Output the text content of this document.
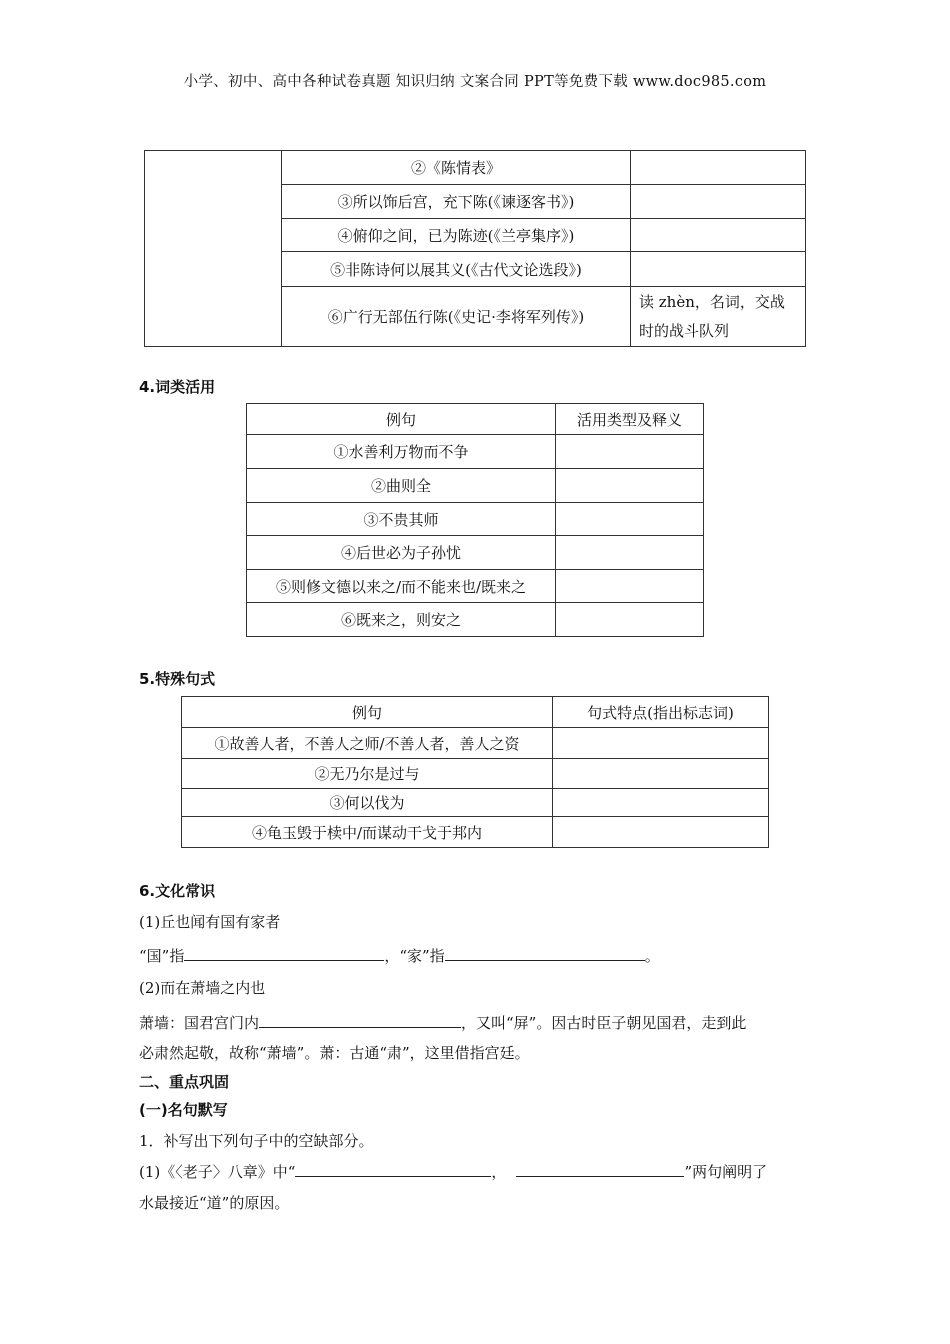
小学、初中、高中各种试卷真题 知识归纳 文案合同 PPT等免费下载 www.doc985.com
	②《陈情表》	
	③所以饰后宫，充下陈(《谏逐客书》)	
	④俯仰之间，已为陈迹(《兰亭集序》)	
	⑤非陈诗何以展其义(《古代文论选段》)	
	⑥广行无部伍行陈(《史记·李将军列传》)	读 zhèn，名词，交战
时的战斗队列
4.词类活用
例句	活用类型及释义
①水善利万物而不争	
②曲则全	
③不贵其师	
④后世必为子孙忧	
⑤则修文德以来之/而不能来也/既来之	
⑥既来之，则安之	
5.特殊句式
例句	句式特点(指出标志词)
①故善人者，不善人之师/不善人者，善人之资	
②无乃尔是过与	
③何以伐为	
④龟玉毁于椟中/而谋动干戈于邦内	
6.文化常识
(1)丘也闻有国有家者
“国”指	，“家”指	。
(2)而在萧墙之内也
萧墙：国君宫门内	，又叫“屏”。因古时臣子朝见国君，走到此
必肃然起敬，故称“萧墙”。萧：古通“肃”，这里借指宫廷。
二、重点巩固
(一)名句默写
1．补写出下列句子中的空缺部分。
(1)《〈老子〉八章》中“	，	”两句阐明了
水最接近“道”的原因。
